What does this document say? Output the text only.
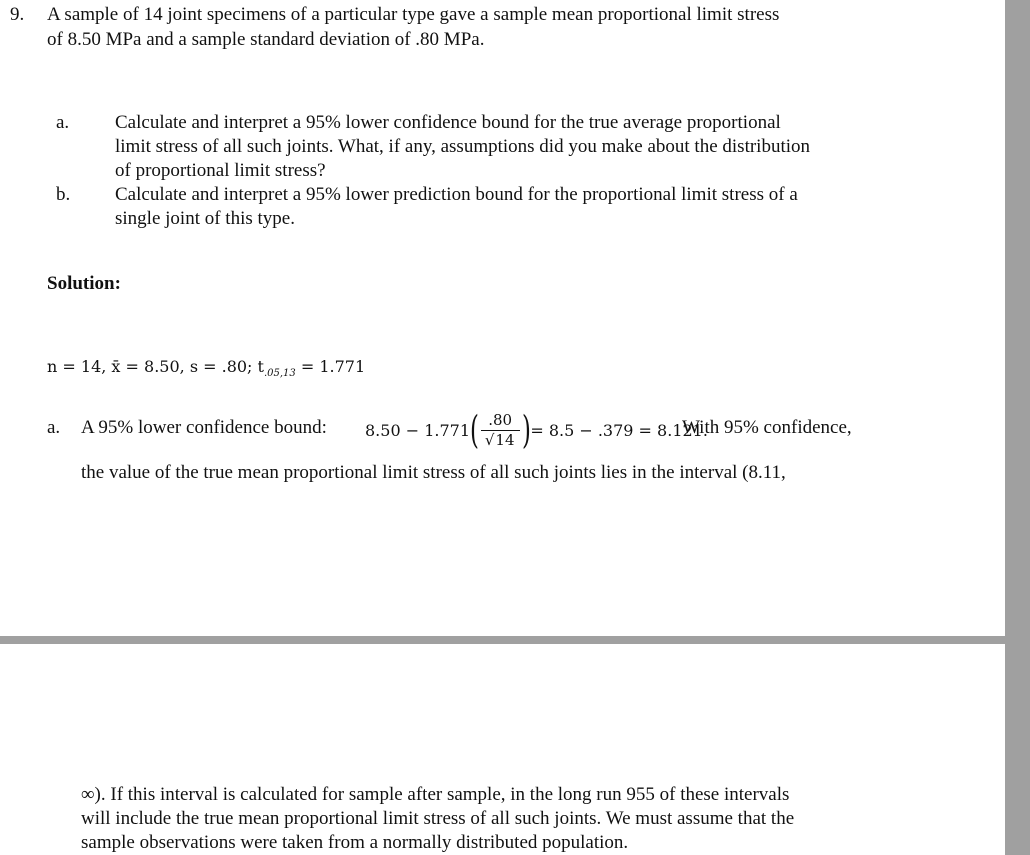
9. A sample of 14 joint specimens of a particular type gave a sample mean proportional limit stress
of 8.50 MPa and a sample standard deviation of .80 MPa.
a. Calculate and interpret a 95% lower confidence bound for the true average proportional
limit stress of all such joints. What, if any, assumptions did you make about the distribution
of proportional limit stress?
b. Calculate and interpret a 95% lower prediction bound for the proportional limit stress of a
single joint of this type.
Solution:
n = 14, x̄ = 8.50, s = .80; $t_{.05,13} = 1.771$
a. A 95% lower confidence bound: 8.50 − 1.771 ( $\frac{.80}{√ 14}$ ) = 8.5 − .379 = 8.121.
With 95% confidence,
the value of the true mean proportional limit stress of all such joints lies in the interval (8.11,
∞). If this interval is calculated for sample after sample, in the long run 955 of these intervals
will include the true mean proportional limit stress of all such joints. We must assume that the
sample observations were taken from a normally distributed population.
